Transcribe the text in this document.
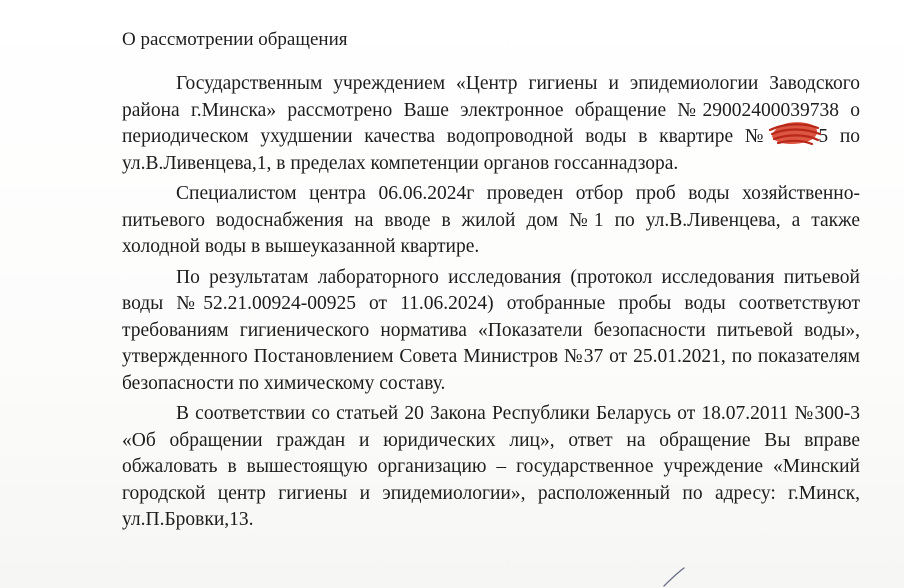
О рассмотрении обращения

Государственным учреждением «Центр гигиены и эпидемиологии Заводского района г.Минска» рассмотрено Ваше электронное обращение №29002400039738 о периодическом ухудшении качества водопроводной воды в квартире № 5 по ул.В.Ливенцева,1, в пределах компетенции органов госсаннадзора.

Специалистом центра 06.06.2024г проведен отбор проб воды хозяйственно-питьевого водоснабжения на вводе в жилой дом №1 по ул.В.Ливенцева, а также холодной воды в вышеуказанной квартире.

По результатам лабораторного исследования (протокол исследования питьевой воды №52.21.00924-00925 от 11.06.2024) отобранные пробы воды соответствуют требованиям гигиенического норматива «Показатели безопасности питьевой воды», утвержденного Постановлением Совета Министров №37 от 25.01.2021, по показателям безопасности по химическому составу.

В соответствии со статьей 20 Закона Республики Беларусь от 18.07.2011 №300-3 «Об обращении граждан и юридических лиц», ответ на обращение Вы вправе обжаловать в вышестоящую организацию – государственное учреждение «Минский городской центр гигиены и эпидемиологии», расположенный по адресу: г.Минск, ул.П.Бровки,13.
